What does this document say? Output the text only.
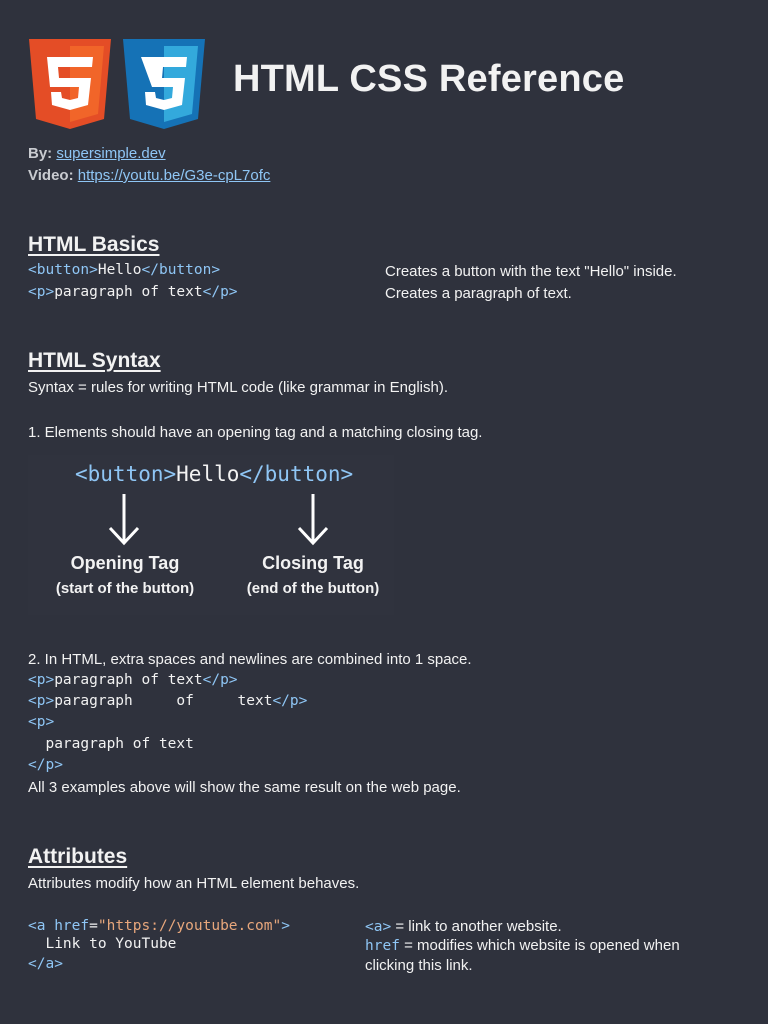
HTML CSS Reference
By: supersimple.dev
Video: https://youtu.be/G3e-cpL7ofc
HTML Basics
<button>Hello</button>	Creates a button with the text "Hello" inside.
<p>paragraph of text</p>	Creates a paragraph of text.
HTML Syntax
Syntax = rules for writing HTML code (like grammar in English).
1. Elements should have an opening tag and a matching closing tag.
<button>Hello</button>
Opening Tag
(start of the button)
Closing Tag
(end of the button)
2. In HTML, extra spaces and newlines are combined into 1 space.
<p>paragraph of text</p>
<p>paragraph     of     text</p>
<p>
paragraph of text
</p>
All 3 examples above will show the same result on the web page.
Attributes
Attributes modify how an HTML element behaves.
<a href="https://youtube.com">
Link to YouTube
</a>
<a> = link to another website.
href = modifies which website is opened when
clicking this link.
